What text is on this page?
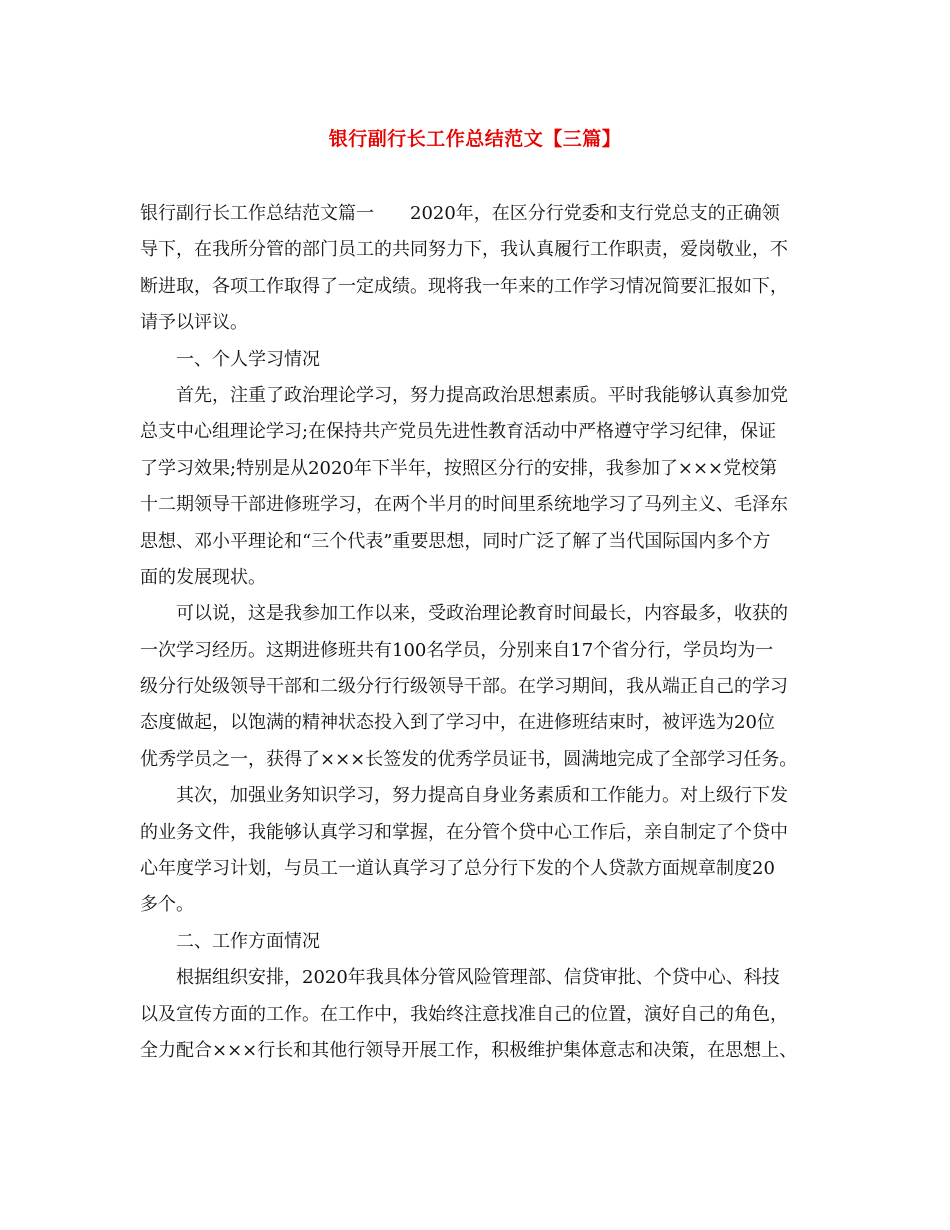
银行副行长工作总结范文【三篇】
银行副行长工作总结范文篇一　　2020年，在区分行党委和支行党总支的正确领
导下，在我所分管的部门员工的共同努力下，我认真履行工作职责，爱岗敬业，不
断进取，各项工作取得了一定成绩。现将我一年来的工作学习情况简要汇报如下，
请予以评议。
一、个人学习情况
首先，注重了政治理论学习，努力提高政治思想素质。平时我能够认真参加党
总支中心组理论学习;在保持共产党员先进性教育活动中严格遵守学习纪律，保证
了学习效果;特别是从2020年下半年，按照区分行的安排，我参加了×××党校第
十二期领导干部进修班学习，在两个半月的时间里系统地学习了马列主义、毛泽东
思想、邓小平理论和“三个代表”重要思想，同时广泛了解了当代国际国内多个方
面的发展现状。
可以说，这是我参加工作以来，受政治理论教育时间最长，内容最多，收获的
一次学习经历。这期进修班共有100名学员，分别来自17个省分行，学员均为一
级分行处级领导干部和二级分行行级领导干部。在学习期间，我从端正自己的学习
态度做起，以饱满的精神状态投入到了学习中，在进修班结束时，被评选为20位
优秀学员之一，获得了×××长签发的优秀学员证书，圆满地完成了全部学习任务。
其次，加强业务知识学习，努力提高自身业务素质和工作能力。对上级行下发
的业务文件，我能够认真学习和掌握，在分管个贷中心工作后，亲自制定了个贷中
心年度学习计划，与员工一道认真学习了总分行下发的个人贷款方面规章制度20
多个。
二、工作方面情况
根据组织安排，2020年我具体分管风险管理部、信贷审批、个贷中心、科技
以及宣传方面的工作。在工作中，我始终注意找准自己的位置，演好自己的角色，
全力配合×××行长和其他行领导开展工作，积极维护集体意志和决策，在思想上、
